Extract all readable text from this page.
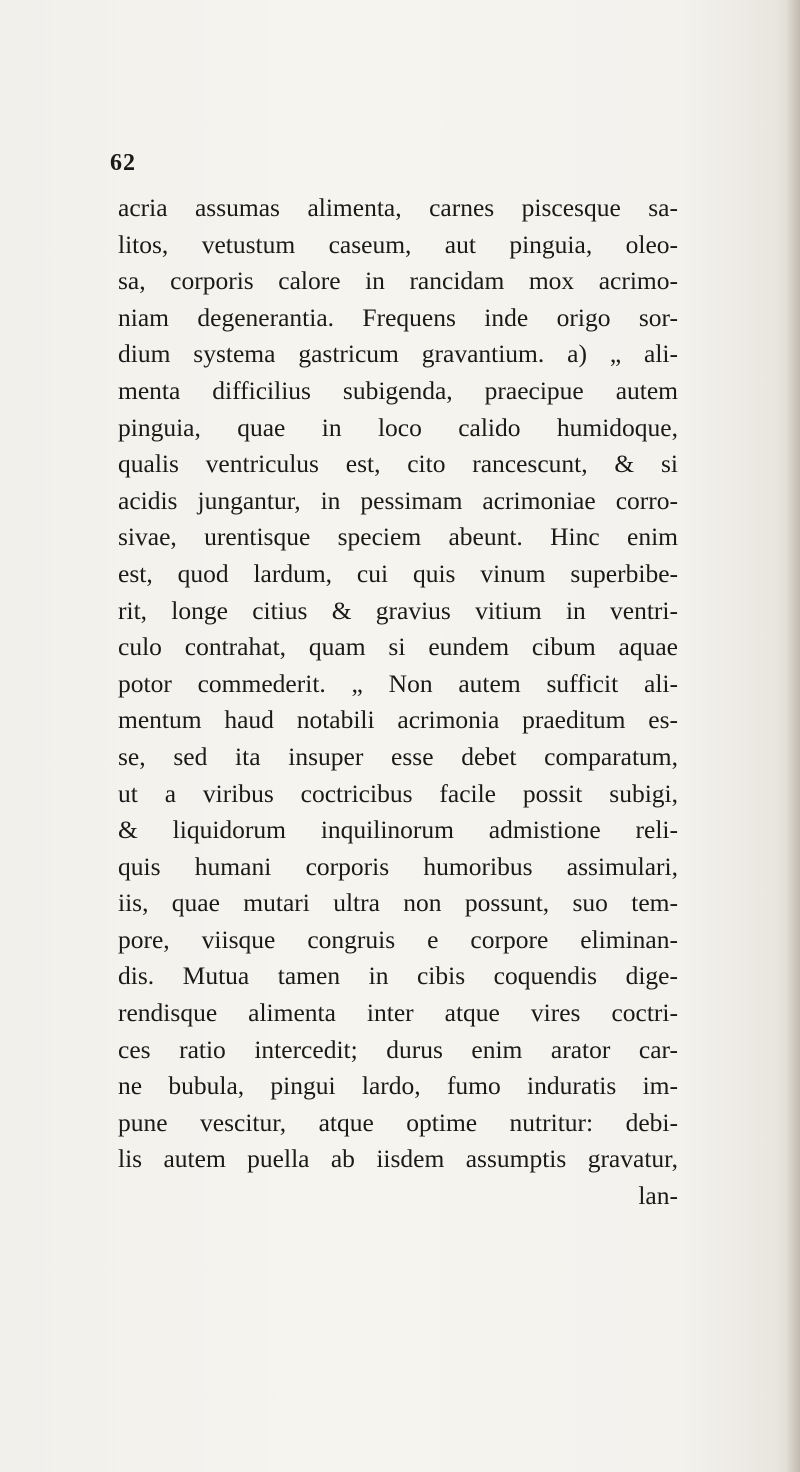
62
acria assumas alimenta, carnes piscesque sa-
litos, vetustum caseum, aut pinguia, oleo-
sa, corporis calore in rancidam mox acrimo-
niam degenerantia. Frequens inde origo sor-
dium systema gastricum gravantium. a) „ ali-
menta difficilius subigenda, praecipue autem
pinguia, quae in loco calido humidoque,
qualis ventriculus est, cito rancescunt, & si
acidis jungantur, in pessimam acrimoniae corro-
sivae, urentisque speciem abeunt. Hinc enim
est, quod lardum, cui quis vinum superbibe-
rit, longe citius & gravius vitium in ventri-
culo contrahat, quam si eundem cibum aquae
potor commederit. „ Non autem sufficit ali-
mentum haud notabili acrimonia praeditum es-
se, sed ita insuper esse debet comparatum,
ut a viribus coctricibus facile possit subigi,
& liquidorum inquilinorum admistione reli-
quis humani corporis humoribus assimulari,
iis, quae mutari ultra non possunt, suo tem-
pore, viisque congruis e corpore eliminan-
dis. Mutua tamen in cibis coquendis dige-
rendisque alimenta inter atque vires coctri-
ces ratio intercedit; durus enim arator car-
ne bubula, pingui lardo, fumo induratis im-
pune vescitur, atque optime nutritur: debi-
lis autem puella ab iisdem assumptis gravatur,
lan-
